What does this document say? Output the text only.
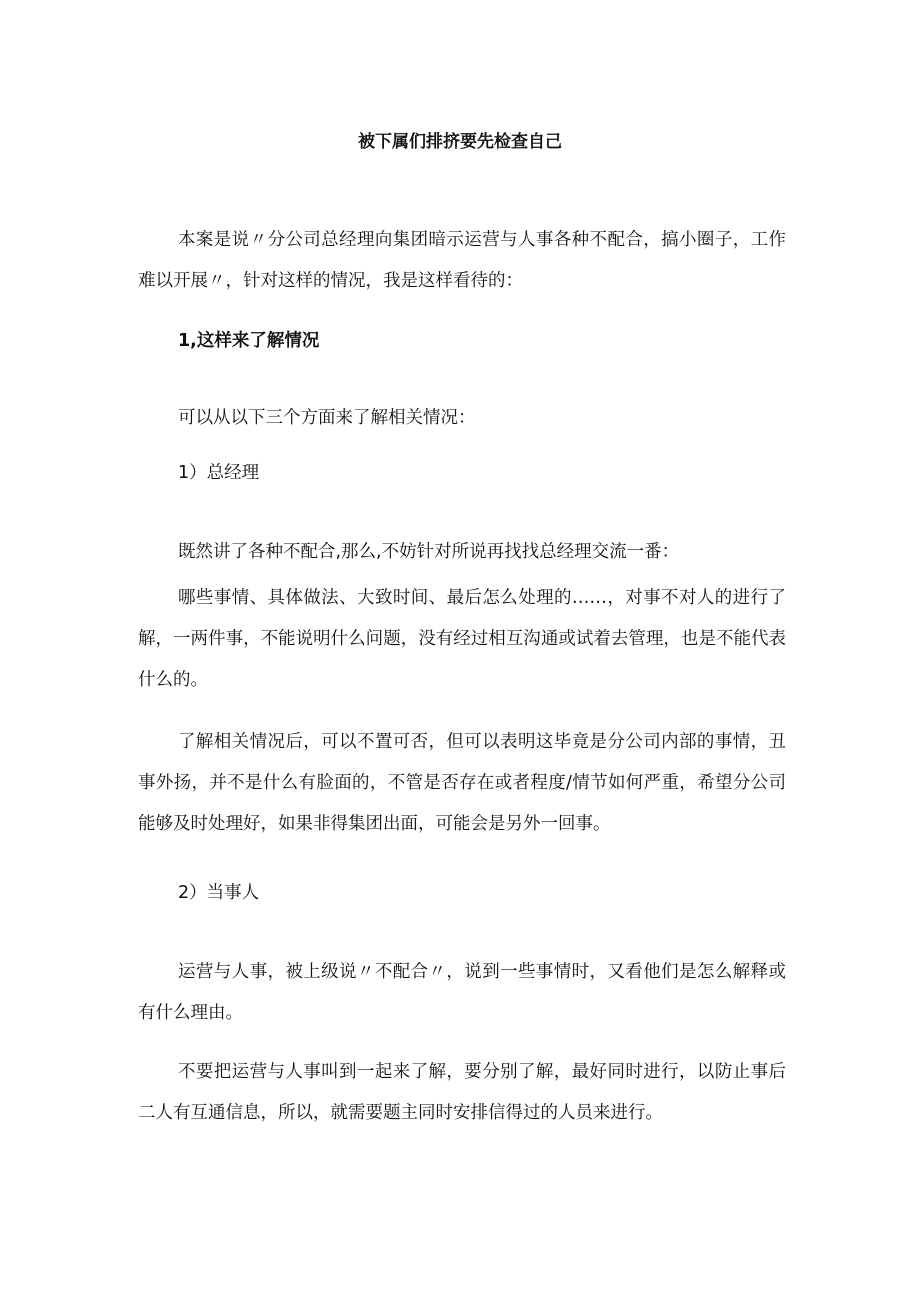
被下属们排挤要先检查自己

本案是说〃分公司总经理向集团暗示运营与人事各种不配合，搞小圈子，工作难以开展〃，针对这样的情况，我是这样看待的：

1,这样来了解情况

可以从以下三个方面来了解相关情况：

1）总经理

既然讲了各种不配合,那么,不妨针对所说再找找总经理交流一番：

哪些事情、具体做法、大致时间、最后怎么处理的……，对事不对人的进行了解，一两件事，不能说明什么问题，没有经过相互沟通或试着去管理，也是不能代表什么的。

了解相关情况后，可以不置可否，但可以表明这毕竟是分公司内部的事情，丑事外扬，并不是什么有脸面的，不管是否存在或者程度/情节如何严重，希望分公司能够及时处理好，如果非得集团出面，可能会是另外一回事。

2）当事人

运营与人事，被上级说〃不配合〃，说到一些事情时，又看他们是怎么解释或有什么理由。

不要把运营与人事叫到一起来了解，要分别了解，最好同时进行，以防止事后二人有互通信息，所以，就需要题主同时安排信得过的人员来进行。
